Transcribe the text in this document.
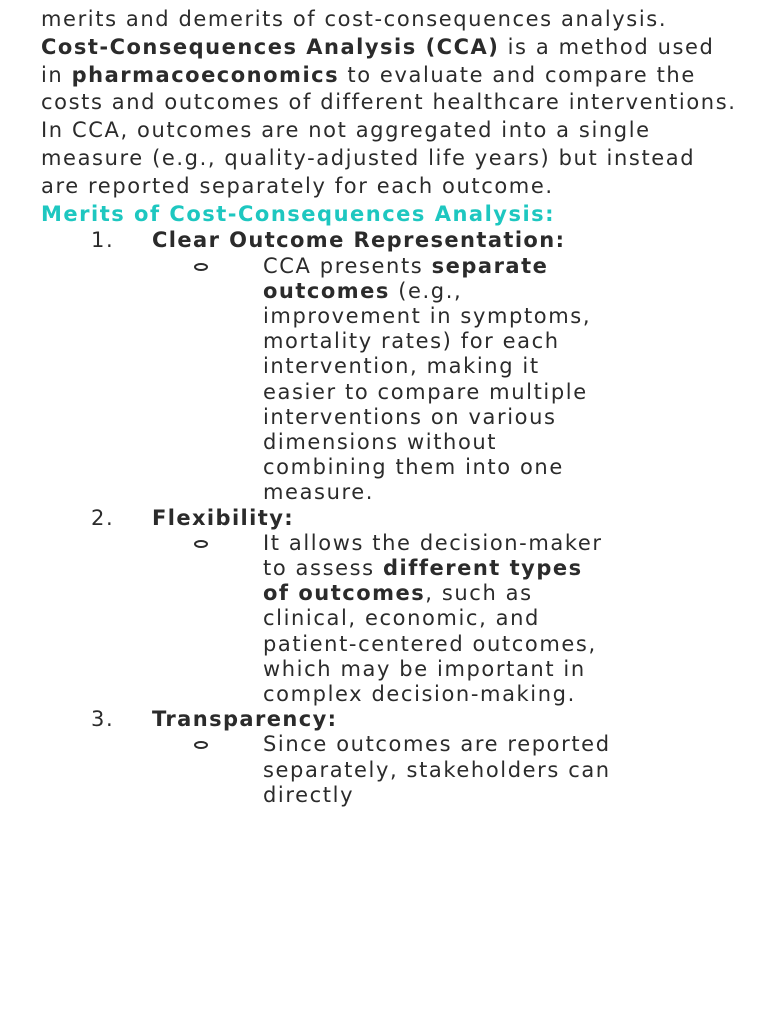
merits and demerits of cost-consequences analysis.

Cost-Consequences Analysis (CCA) is a method used in pharmacoeconomics to evaluate and compare the costs and outcomes of different healthcare interventions. In CCA, outcomes are not aggregated into a single measure (e.g., quality-adjusted life years) but instead are reported separately for each outcome.

Merits of Cost-Consequences Analysis:
1. Clear Outcome Representation:
CCA presents separate outcomes (e.g., improvement in symptoms, mortality rates) for each intervention, making it easier to compare multiple interventions on various dimensions without combining them into one measure.
2. Flexibility:
It allows the decision-maker to assess different types of outcomes, such as clinical, economic, and patient-centered outcomes, which may be important in complex decision-making.
3. Transparency:
Since outcomes are reported separately, stakeholders can directly
